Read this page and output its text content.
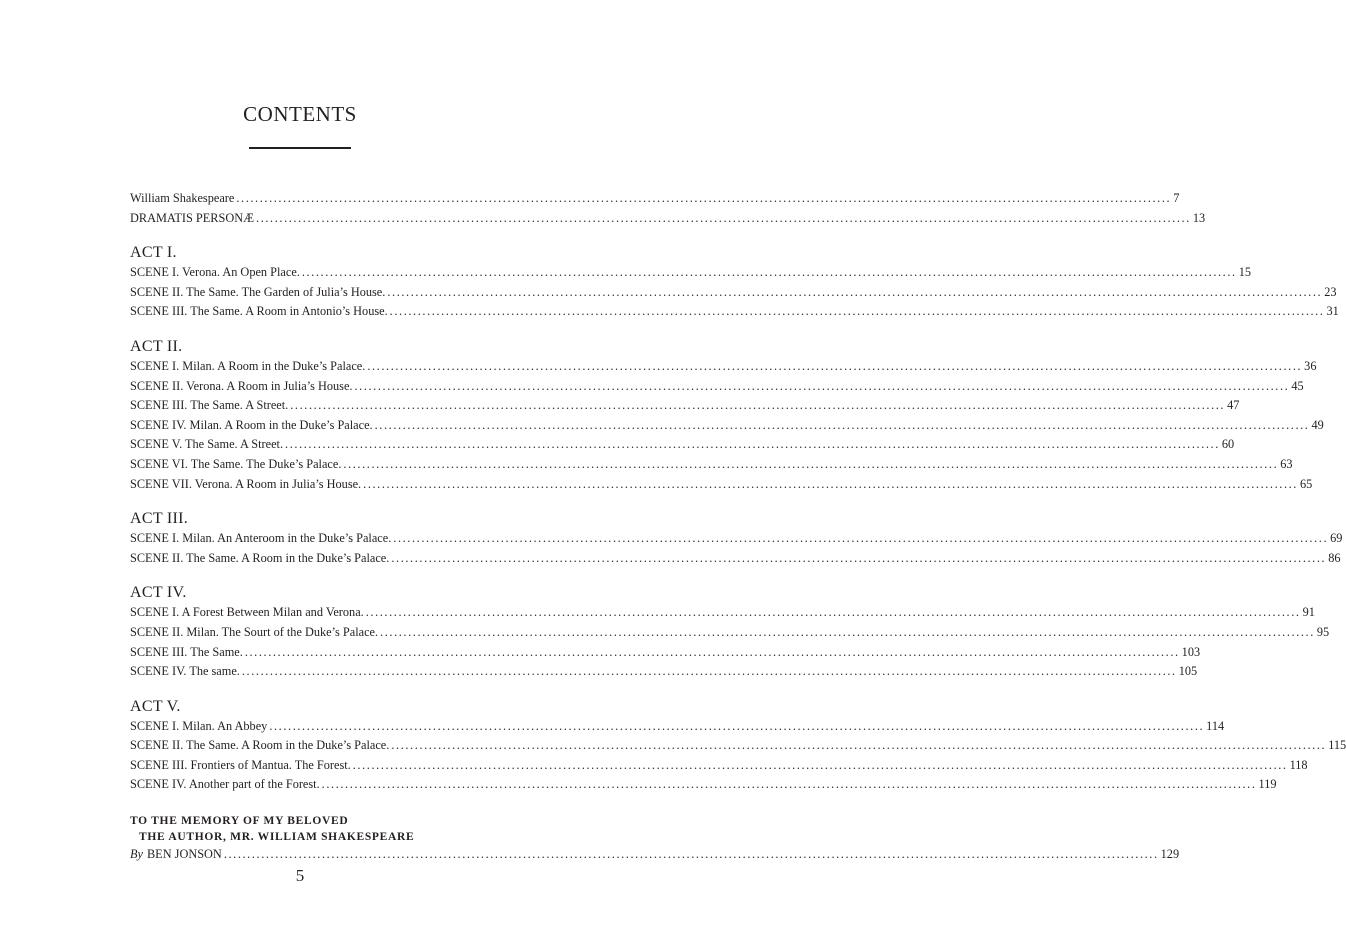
CONTENTS
William Shakespeare ........................................................................................................................................................................................................ 7
DRAMATIS PERSONÆ ........................................................................................................................................................................................................ 13
ACT I.
SCENE I. Verona. An Open Place. ........................................................................................................................................................................................................ 15
SCENE II. The Same. The Garden of Julia’s House. ........................................................................................................................................................................................................ 23
SCENE III. The Same. A Room in Antonio’s House. ........................................................................................................................................................................................................ 31
ACT II.
SCENE I. Milan. A Room in the Duke’s Palace. ........................................................................................................................................................................................................ 36
SCENE II. Verona. A Room in Julia’s House. ........................................................................................................................................................................................................ 45
SCENE III. The Same. A Street. ........................................................................................................................................................................................................ 47
SCENE IV. Milan. A Room in the Duke’s Palace. ........................................................................................................................................................................................................ 49
SCENE V. The Same. A Street. ........................................................................................................................................................................................................ 60
SCENE VI. The Same. The Duke’s Palace. ........................................................................................................................................................................................................ 63
SCENE VII. Verona. A Room in Julia’s House. ........................................................................................................................................................................................................ 65
ACT III.
SCENE I. Milan. An Anteroom in the Duke’s Palace. ........................................................................................................................................................................................................ 69
SCENE II. The Same. A Room in the Duke’s Palace. ........................................................................................................................................................................................................ 86
ACT IV.
SCENE I. A Forest Between Milan and Verona. ........................................................................................................................................................................................................ 91
SCENE II. Milan. The Sourt of the Duke’s Palace. ........................................................................................................................................................................................................ 95
SCENE III. The Same. ........................................................................................................................................................................................................ 103
SCENE IV. The same. ........................................................................................................................................................................................................ 105
ACT V.
SCENE I. Milan. An Abbey ........................................................................................................................................................................................................ 114
SCENE II. The Same. A Room in the Duke’s Palace. ........................................................................................................................................................................................................ 115
SCENE III. Frontiers of Mantua. The Forest. ........................................................................................................................................................................................................ 118
SCENE IV. Another part of the Forest. ........................................................................................................................................................................................................ 119
TO THE MEMORY OF MY BELOVED
THE AUTHOR, MR. WILLIAM SHAKESPEARE
By BEN JONSON ........................................................................................................................................................................................................ 129
5
